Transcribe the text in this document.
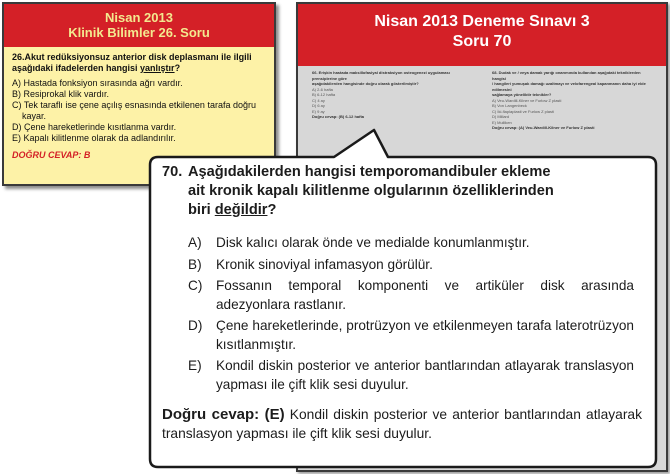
Nisan 2013
Klinik Bilimler 26. Soru
26.Akut redüksiyonsuz anterior disk deplasmanı ile ilgili aşağıdaki ifadelerden hangisi yanlıştır?
A) Hastada fonksiyon sırasında ağrı vardır.
B) Resiprokal klik vardır.
C) Tek taraflı ise çene açılış esnasında etkilenen tarafa doğru kayar.
D) Çene hareketlerinde kısıtlanma vardır.
E) Kapalı kilitlenme olarak da adlandırılır.
DOĞRU CEVAP: B
Nisan 2013 Deneme Sınavı 3
Soru 70
66. Erişkin hastada maksillofasiyal distraksiyon osteogenezi uygulaması prensiplerine göre
aşağıdakilerden hangisinde doğru olarak gösterilmiştir?
A) 2-6 hafta
B) 6-12 hafta
C) 4 ay
D) 6 ay
E) 9 ay
Doğru cevap: (B) 6-12 hafta
68. Dudak ve / veya damak yarığı onarımında kullanılan aşağıdaki tekniklerden hangisi
/ hangileri yumuşak damağı uzaltmayı ve velofarengeal kapanmanın daha iyi elde edilmesini
sağlamaya yöneliktir teknikler?
A) Veu-Wardill-Kilner ve Furlow Z plasti
B) Von Langenbeck
C) İki-flaplaplasti ve Furlow Z plasti
D) Millard
E) Mulliken
Doğru cevap: (A) Veu-Wardill-Kilner ve Furlow Z plasti
70. Aşağıdakilerden hangisi temporomandibuler ekleme
ait kronik kapalı kilitlenme olgularının özelliklerinden
biri değildir?
A)	Disk kalıcı olarak önde ve medialde konumlanmıştır.
B)	Kronik sinoviyal infamasyon görülür.
C)	Fossanın temporal komponenti ve artiküler disk arasında adezyonlara rastlanır.
D)	Çene hareketlerinde, protrüzyon ve etkilenmeyen tarafa laterotrüzyon kısıtlanmıştır.
E)	Kondil diskin posterior ve anterior bantlarından atlayarak translasyon yapması ile çift klik sesi duyulur.
Doğru cevap: (E) Kondil diskin posterior ve anterior bantlarından atlayarak translasyon yapması ile çift klik sesi duyulur.
